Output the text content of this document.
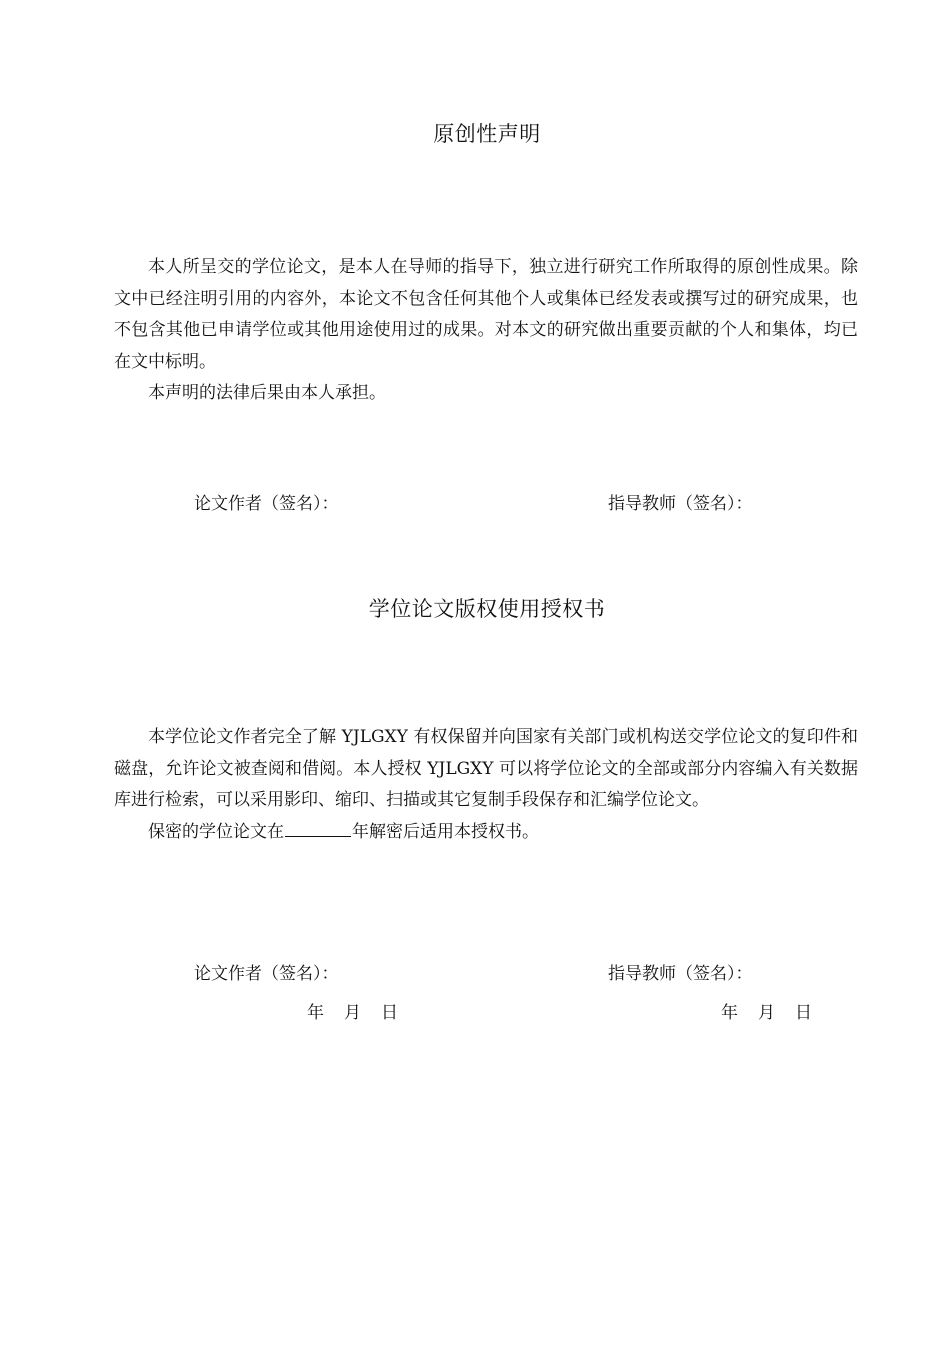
原创性声明

本人所呈交的学位论文，是本人在导师的指导下，独立进行研究工作所取得的原创性成果。除文中已经注明引用的内容外，本论文不包含任何其他个人或集体已经发表或撰写过的研究成果，也不包含其他已申请学位或其他用途使用过的成果。对本文的研究做出重要贡献的个人和集体，均已在文中标明。

本声明的法律后果由本人承担。

论文作者（签名）：	指导教师（签名）：
学位论文版权使用授权书

本学位论文作者完全了解 YJLGXY 有权保留并向国家有关部门或机构送交学位论文的复印件和磁盘，允许论文被查阅和借阅。本人授权 YJLGXY 可以将学位论文的全部或部分内容编入有关数据库进行检索，可以采用影印、缩印、扫描或其它复制手段保存和汇编学位论文。

保密的学位论文在	年解密后适用本授权书。

论文作者（签名）：	指导教师（签名）：
年 月 日	年 月 日
